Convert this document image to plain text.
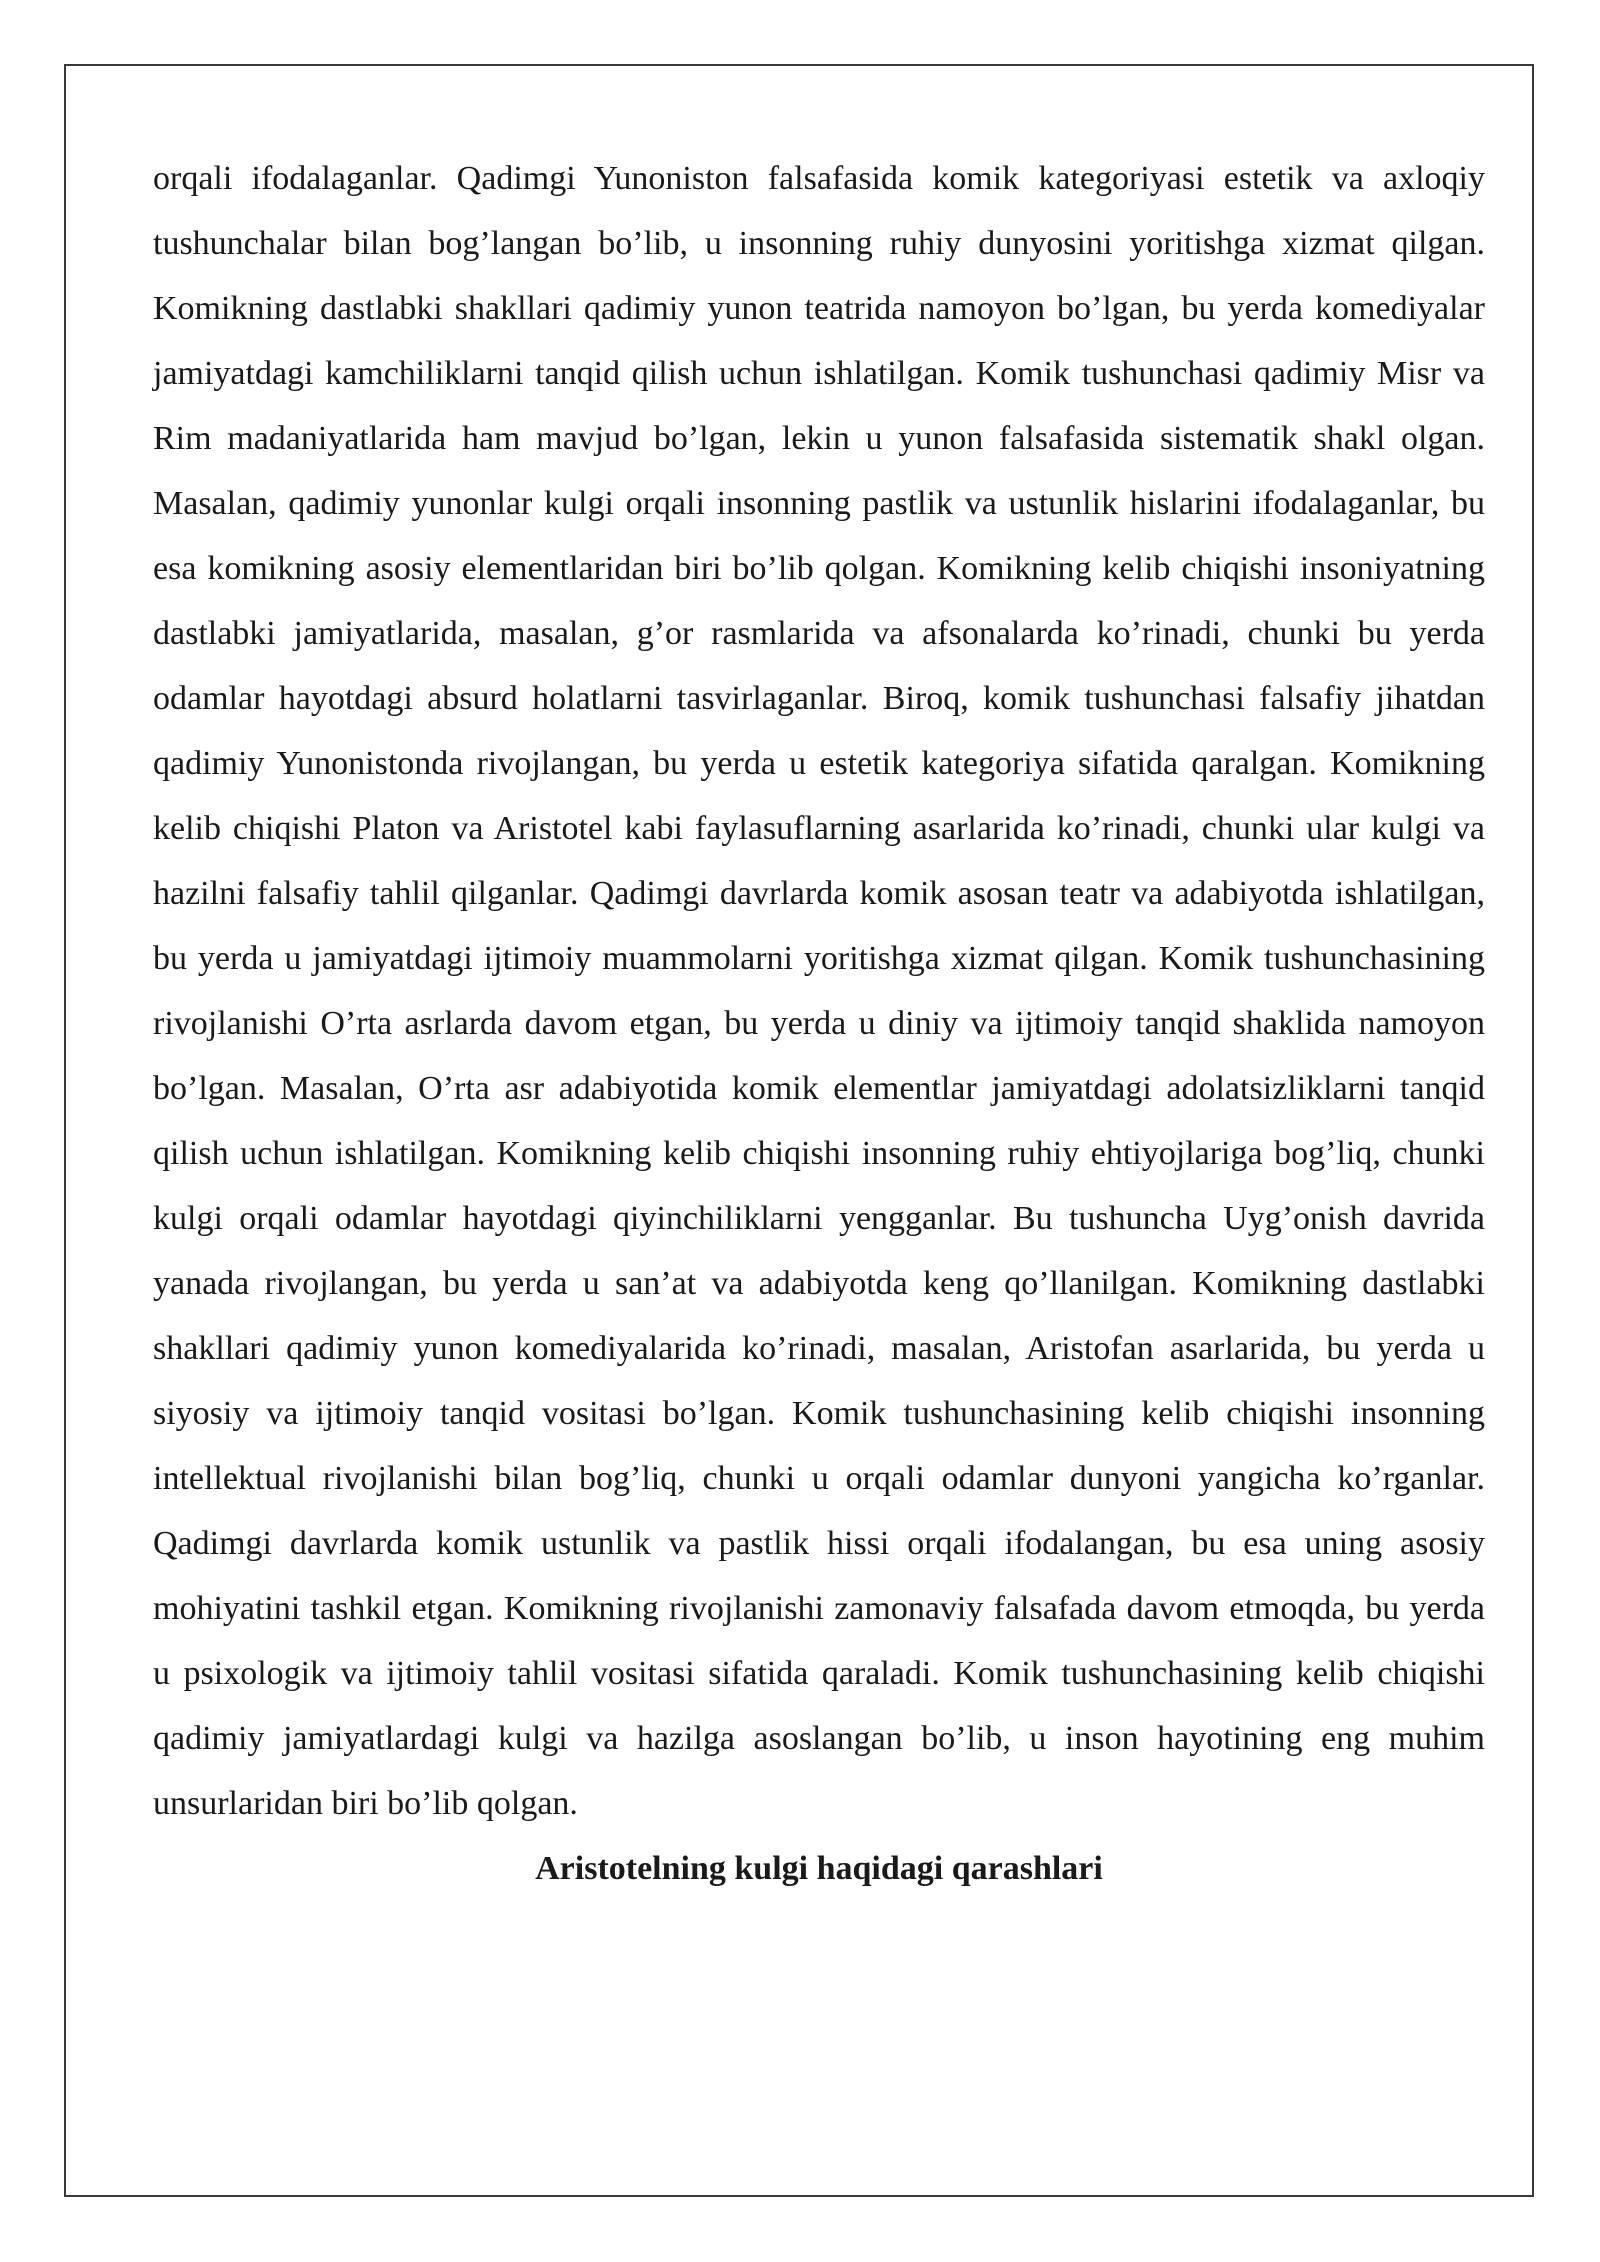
orqali ifodalaganlar. Qadimgi Yunoniston falsafasida komik kategoriyasi estetik va axloqiy tushunchalar bilan bog’langan bo’lib, u insonning ruhiy dunyosini yoritishga xizmat qilgan. Komikning dastlabki shakllari qadimiy yunon teatrida namoyon bo’lgan, bu yerda komediyalar jamiyatdagi kamchiliklarni tanqid qilish uchun ishlatilgan. Komik tushunchasi qadimiy Misr va Rim madaniyatlarida ham mavjud bo’lgan, lekin u yunon falsafasida sistematik shakl olgan. Masalan, qadimiy yunonlar kulgi orqali insonning pastlik va ustunlik hislarini ifodalaganlar, bu esa komikning asosiy elementlaridan biri bo’lib qolgan. Komikning kelib chiqishi insoniyatning dastlabki jamiyatlarida, masalan, g’or rasmlarida va afsonalarda ko’rinadi, chunki bu yerda odamlar hayotdagi absurd holatlarni tasvirlaganlar. Biroq, komik tushunchasi falsafiy jihatdan qadimiy Yunonistonda rivojlangan, bu yerda u estetik kategoriya sifatida qaralgan. Komikning kelib chiqishi Platon va Aristotel kabi faylasuflarning asarlarida ko’rinadi, chunki ular kulgi va hazilni falsafiy tahlil qilganlar. Qadimgi davrlarda komik asosan teatr va adabiyotda ishlatilgan, bu yerda u jamiyatdagi ijtimoiy muammolarni yoritishga xizmat qilgan. Komik tushunchasining rivojlanishi O’rta asrlarda davom etgan, bu yerda u diniy va ijtimoiy tanqid shaklida namoyon bo’lgan. Masalan, O’rta asr adabiyotida komik elementlar jamiyatdagi adolatsizliklarni tanqid qilish uchun ishlatilgan. Komikning kelib chiqishi insonning ruhiy ehtiyojlariga bog’liq, chunki kulgi orqali odamlar hayotdagi qiyinchiliklarni yengganlar. Bu tushuncha Uyg’onish davrida yanada rivojlangan, bu yerda u san’at va adabiyotda keng qo’llanilgan. Komikning dastlabki shakllari qadimiy yunon komediyalarida ko’rinadi, masalan, Aristofan asarlarida, bu yerda u siyosiy va ijtimoiy tanqid vositasi bo’lgan. Komik tushunchasining kelib chiqishi insonning intellektual rivojlanishi bilan bog’liq, chunki u orqali odamlar dunyoni yangicha ko’rganlar. Qadimgi davrlarda komik ustunlik va pastlik hissi orqali ifodalangan, bu esa uning asosiy mohiyatini tashkil etgan. Komikning rivojlanishi zamonaviy falsafada davom etmoqda, bu yerda u psixologik va ijtimoiy tahlil vositasi sifatida qaraladi. Komik tushunchasining kelib chiqishi qadimiy jamiyatlardagi kulgi va hazilga asoslangan bo’lib, u inson hayotining eng muhim unsurlaridan biri bo’lib qolgan.

Aristotelning kulgi haqidagi qarashlari
